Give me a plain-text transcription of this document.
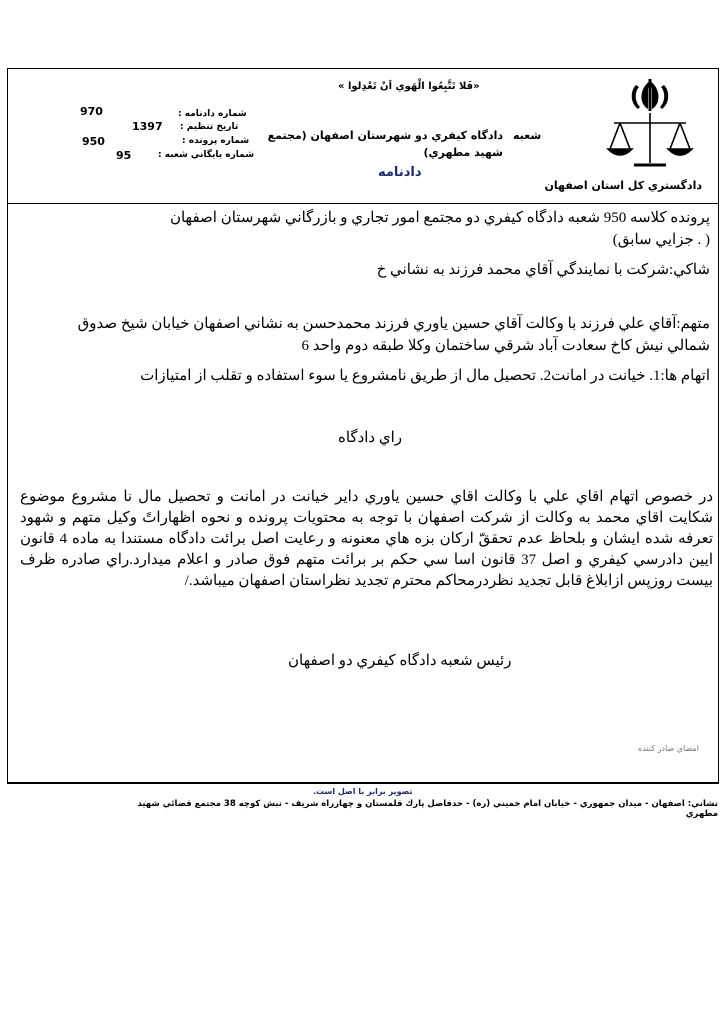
دادگستري كل استان اصفهان
«فَلا تَتَّبِعُوا الْهَوي اَنْ تَعْدِلوا »
شعبه
دادگاه كيفري دو شهرستان اصفهان (مجتمع شهيد مطهري)
دادنامه
970	شماره دادنامه :
1397 تاريخ تنظيم :
950	شماره پرونده :
95	شماره بايگاني شعبه :
پرونده كلاسه 950 شعبه دادگاه كيفري دو مجتمع امور تجاري و بازرگاني شهرستان اصفهان
( . جزايي سابق)
شاكي:شركت با نمايندگي آقاي محمد فرزند به نشاني خ
متهم:آقاي علي فرزند با وكالت آقاي حسين ياوري فرزند محمدحسن به نشاني اصفهان خيابان شيخ صدوق
شمالي نيش كاخ سعادت آباد شرقي ساختمان وكلا طبقه دوم واحد 6
اتهام ها:1. خيانت در امانت2. تحصيل مال از طريق نامشروع يا سوء استفاده و تقلب از امتيازات
راي دادگاه
در خصوص اتهام اقاي علي با وكالت اقاي حسين ياوري داير خيانت در امانت و تحصيل مال نا مشروع موضوع شكايت اقاي محمد به وكالت از شركت اصفهان با توجه به محتويات پرونده و نحوه اظهاراتً وكيل متهم و شهود تعرفه شده ايشان و بلحاظ عدم تحققّ اركان بزه هاي معنونه و رعايت اصل برائت دادگاه مستندا به ماده 4 قانون ايين دادرسي كيفري و اصل 37 قانون اسا سي حكم بر برائت متهم فوق صادر و اعلام ميدارد.راي صادره ظرف بيست روزپس ازابلاغ قابل تجديد نظردرمحاكم محترم تجديد نظراستان اصفهان ميباشد./
رئيس شعبه دادگاه كيفري دو اصفهان
امضاي صادر كننده
تصوير برابر با اصل است.
نشاني: اصفهان - ميدان جمهوري - خيابان امام خميني (ره) - حدفاصل پارك قلمستان و چهارراه شريف - نبش كوچه 38 مجتمع قضائي شهيد مطهري
